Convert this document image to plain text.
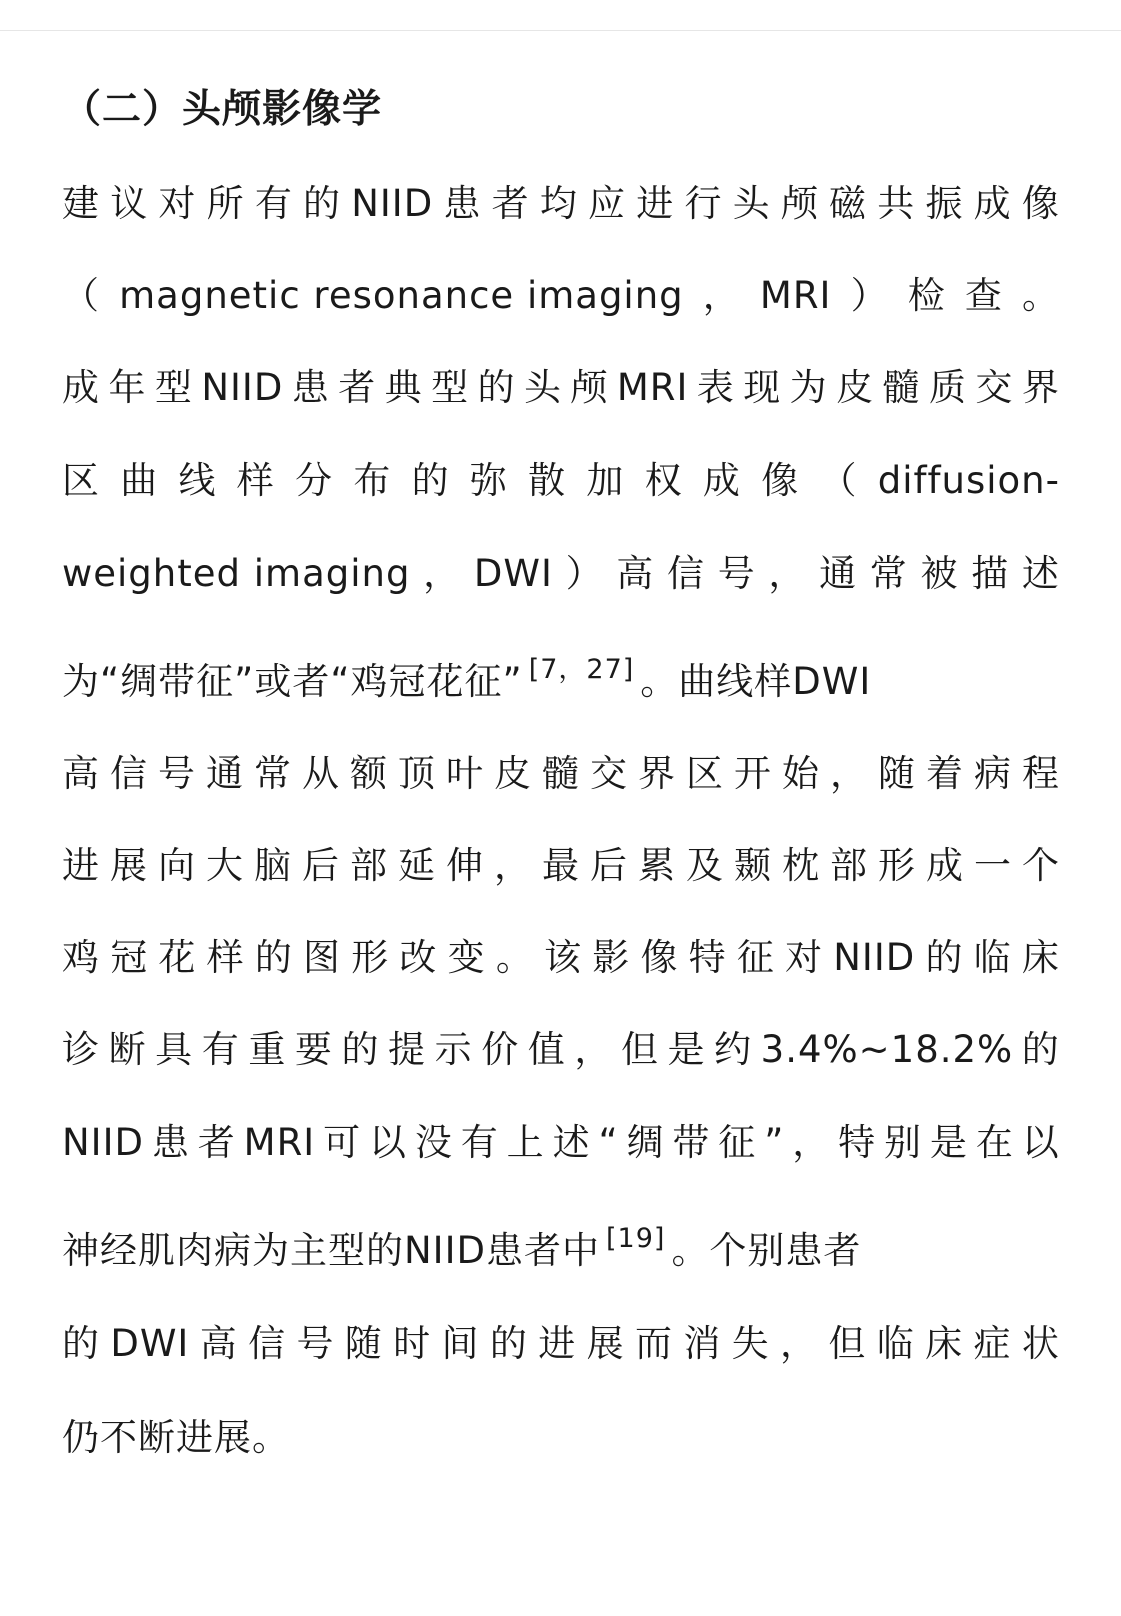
（二）头颅影像学
建 议 对 所 有 的 NIID 患 者 均 应 进 行 头 颅 磁 共 振 成 像
（ magnetic resonance imaging ， MRI ） 检 查 。
成 年 型 NIID 患 者 典 型 的 头 颅 MRI 表 现 为 皮 髓 质 交 界
区 曲 线 样 分 布 的 弥 散 加 权 成 像 （ diffusion-
weighted imaging ， DWI ） 高 信 号 ， 通 常 被 描 述
为“绸带征”或者“鸡冠花征”[7，27] 。曲线样DWI
高 信 号 通 常 从 额 顶 叶 皮 髓 交 界 区 开 始 ， 随 着 病 程
进 展 向 大 脑 后 部 延 伸 ， 最 后 累 及 颞 枕 部 形 成 一 个
鸡 冠 花 样 的 图 形 改 变 。 该 影 像 特 征 对 NIID 的 临 床
诊 断 具 有 重 要 的 提 示 价 值 ， 但 是 约 3.4%~18.2% 的
NIID 患 者 MRI 可 以 没 有 上 述 “ 绸 带 征 ” ， 特 别 是 在 以
神经肌肉病为主型的NIID患者中[19] 。个别患者
的 DWI 高 信 号 随 时 间 的 进 展 而 消 失 ， 但 临 床 症 状
仍不断进展。
